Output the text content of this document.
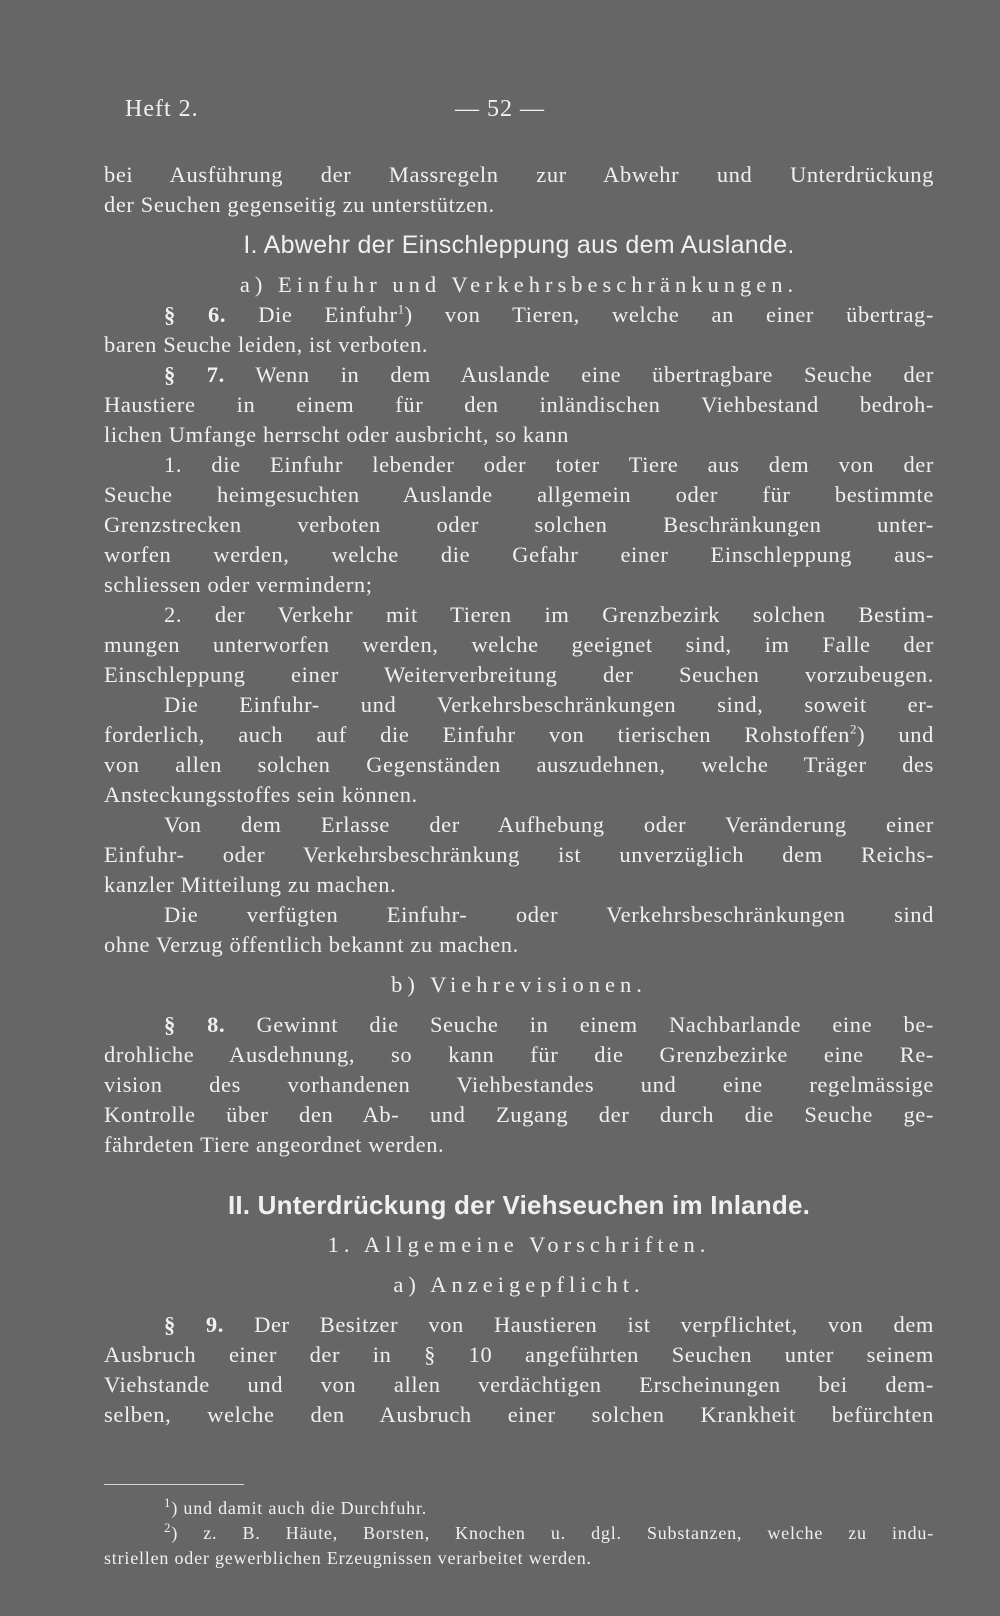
Heft 2.	— 52 —
bei Ausführung der Massregeln zur Abwehr und Unterdrückung
der Seuchen gegenseitig zu unterstützen.
I. Abwehr der Einschleppung aus dem Auslande.
a) Einfuhr und Verkehrsbeschränkungen.
§ 6. Die Einfuhr$^1$) von Tieren, welche an einer übertrag-
baren Seuche leiden, ist verboten.
§ 7. Wenn in dem Auslande eine übertragbare Seuche der
Haustiere in einem für den inländischen Viehbestand bedroh-
lichen Umfange herrscht oder ausbricht, so kann
1. die Einfuhr lebender oder toter Tiere aus dem von der
Seuche heimgesuchten Auslande allgemein oder für bestimmte
Grenzstrecken verboten oder solchen Beschränkungen unter-
worfen werden, welche die Gefahr einer Einschleppung aus-
schliessen oder vermindern;
2. der Verkehr mit Tieren im Grenzbezirk solchen Bestim-
mungen unterworfen werden, welche geeignet sind, im Falle der
Einschleppung einer Weiterverbreitung der Seuchen vorzubeugen.
Die Einfuhr- und Verkehrsbeschränkungen sind, soweit er-
forderlich, auch auf die Einfuhr von tierischen Rohstoffen$^2$) und
von allen solchen Gegenständen auszudehnen, welche Träger des
Ansteckungsstoffes sein können.
Von dem Erlasse der Aufhebung oder Veränderung einer
Einfuhr- oder Verkehrsbeschränkung ist unverzüglich dem Reichs-
kanzler Mitteilung zu machen.
Die verfügten Einfuhr- oder Verkehrsbeschränkungen sind
ohne Verzug öffentlich bekannt zu machen.
b) Viehrevisionen.
§ 8. Gewinnt die Seuche in einem Nachbarlande eine be-
drohliche Ausdehnung, so kann für die Grenzbezirke eine Re-
vision des vorhandenen Viehbestandes und eine regelmässige
Kontrolle über den Ab- und Zugang der durch die Seuche ge-
fährdeten Tiere angeordnet werden.
II. Unterdrückung der Viehseuchen im Inlande.
1. Allgemeine Vorschriften.
a) Anzeigepflicht.
§ 9. Der Besitzer von Haustieren ist verpflichtet, von dem
Ausbruch einer der in § 10 angeführten Seuchen unter seinem
Viehstande und von allen verdächtigen Erscheinungen bei dem-
selben, welche den Ausbruch einer solchen Krankheit befürchten
$^1$) und damit auch die Durchfuhr.
$^2$) z. B. Häute, Borsten, Knochen u. dgl. Substanzen, welche zu indu-
striellen oder gewerblichen Erzeugnissen verarbeitet werden.
